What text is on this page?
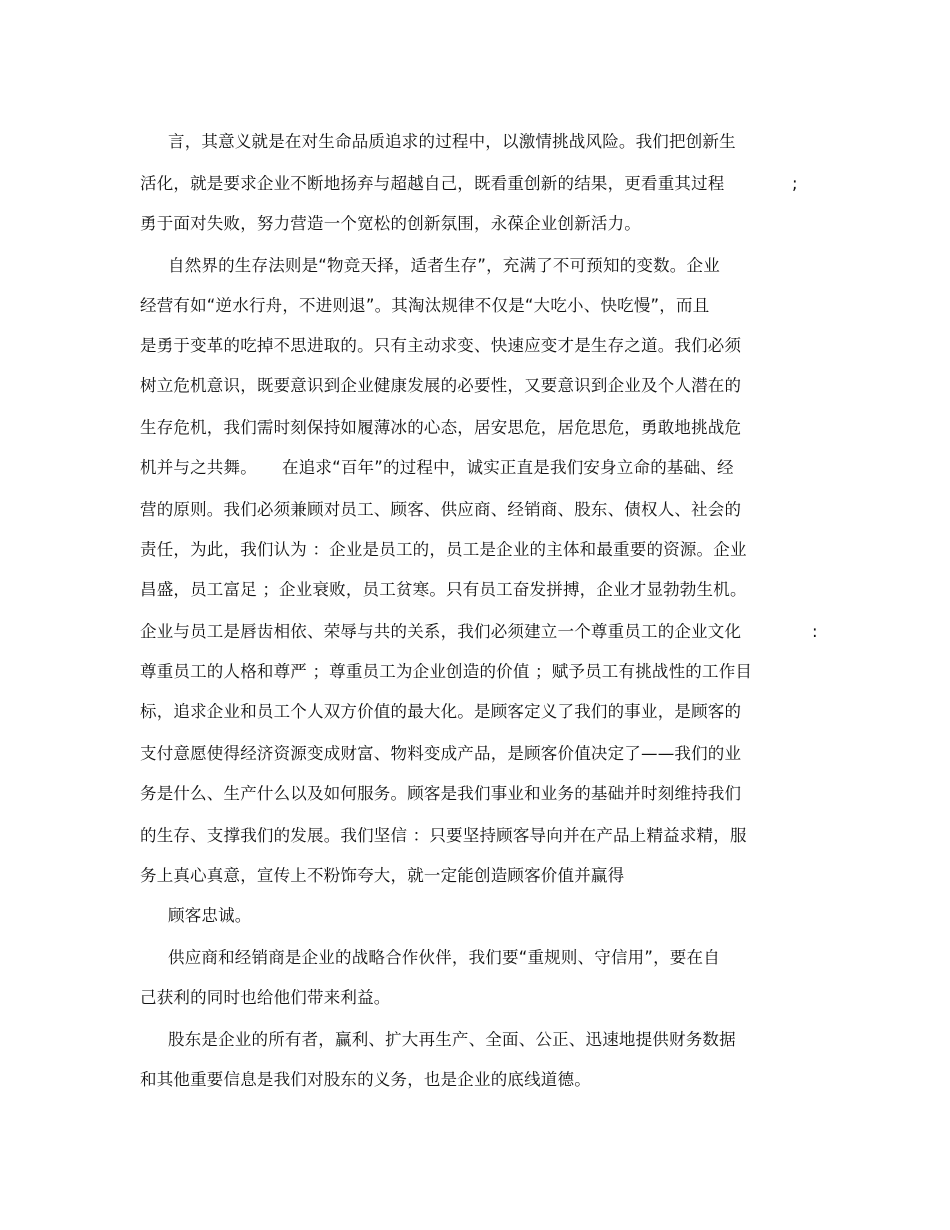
言，其意义就是在对生命品质追求的过程中，以激情挑战风险。我们把创新生
活化，就是要求企业不断地扬弃与超越自己，既看重创新的结果，更看重其过程	;
勇于面对失败，努力营造一个宽松的创新氛围，永葆企业创新活力。
自然界的生存法则是“物竞天择，适者生存”，充满了不可预知的变数。企业
经营有如“逆水行舟，不进则退”。其淘汰规律不仅是“大吃小、快吃慢”，而且
是勇于变革的吃掉不思进取的。只有主动求变、快速应变才是生存之道。我们必须
树立危机意识，既要意识到企业健康发展的必要性，又要意识到企业及个人潜在的
生存危机，我们需时刻保持如履薄冰的心态，居安思危，居危思危，勇敢地挑战危
机并与之共舞。 在追求“百年”的过程中，诚实正直是我们安身立命的基础、经
营的原则。我们必须兼顾对员工、顾客、供应商、经销商、股东、债权人、社会的
责任，为此，我们认为 ：企业是员工的，员工是企业的主体和最重要的资源。企业
昌盛，员工富足 ；企业衰败，员工贫寒。只有员工奋发拼搏，企业才显勃勃生机。
企业与员工是唇齿相依、荣辱与共的关系，我们必须建立一个尊重员工的企业文化	:
尊重员工的人格和尊严 ；尊重员工为企业创造的价值 ；赋予员工有挑战性的工作目
标，追求企业和员工个人双方价值的最大化。是顾客定义了我们的事业，是顾客的
支付意愿使得经济资源变成财富、物料变成产品，是顾客价值决定了——我们的业
务是什么、生产什么以及如何服务。顾客是我们事业和业务的基础并时刻维持我们
的生存、支撑我们的发展。我们坚信 ：只要坚持顾客导向并在产品上精益求精，服
务上真心真意，宣传上不粉饰夸大，就一定能创造顾客价值并赢得
顾客忠诚。
供应商和经销商是企业的战略合作伙伴，我们要“重规则、守信用”，要在自
己获利的同时也给他们带来利益。
股东是企业的所有者，赢利、扩大再生产、全面、公正、迅速地提供财务数据
和其他重要信息是我们对股东的义务，也是企业的底线道德。
